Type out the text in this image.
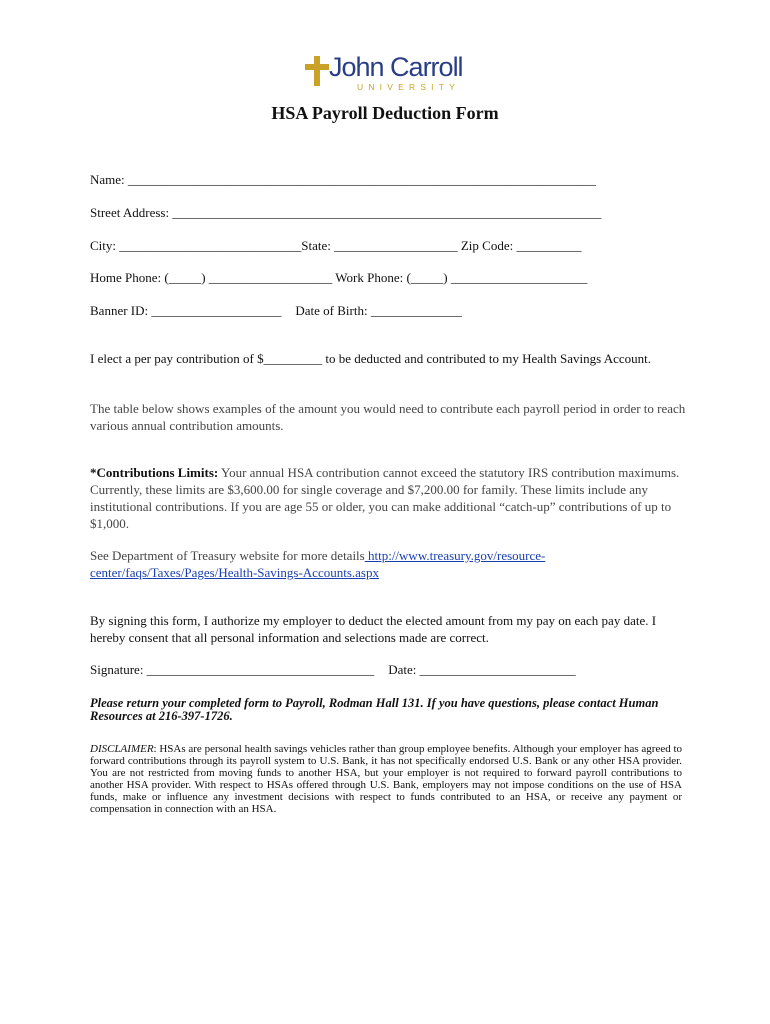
John Carroll
UNIVERSITY
HSA Payroll Deduction Form
Name: ________________________________________________________________________
Street Address: __________________________________________________________________
City: ____________________________State: ___________________ Zip Code: __________
Home Phone: (_____) ___________________ Work Phone: (_____) _____________________
Banner ID: ____________________ Date of Birth: ______________
I elect a per pay contribution of $_________ to be deducted and contributed to my Health Savings Account.
The table below shows examples of the amount you would need to contribute each payroll period in order to reach various annual contribution amounts.
*Contributions Limits: Your annual HSA contribution cannot exceed the statutory IRS contribution maximums. Currently, these limits are $3,600.00 for single coverage and $7,200.00 for family. These limits include any institutional contributions. If you are age 55 or older, you can make additional “catch-up” contributions of up to $1,000.
See Department of Treasury website for more details http://www.treasury.gov/resource-center/faqs/Taxes/Pages/Health-Savings-Accounts.aspx
By signing this form, I authorize my employer to deduct the elected amount from my pay on each pay date. I hereby consent that all personal information and selections made are correct.
Signature: ___________________________________ Date: ________________________
Please return your completed form to Payroll, Rodman Hall 131. If you have questions, please contact Human Resources at 216-397-1726.
DISCLAIMER: HSAs are personal health savings vehicles rather than group employee benefits. Although your employer has agreed to forward contributions through its payroll system to U.S. Bank, it has not specifically endorsed U.S. Bank or any other HSA provider. You are not restricted from moving funds to another HSA, but your employer is not required to forward payroll contributions to another HSA provider. With respect to HSAs offered through U.S. Bank, employers may not impose conditions on the use of HSA funds, make or influence any investment decisions with respect to funds contributed to an HSA, or receive any payment or compensation in connection with an HSA.
